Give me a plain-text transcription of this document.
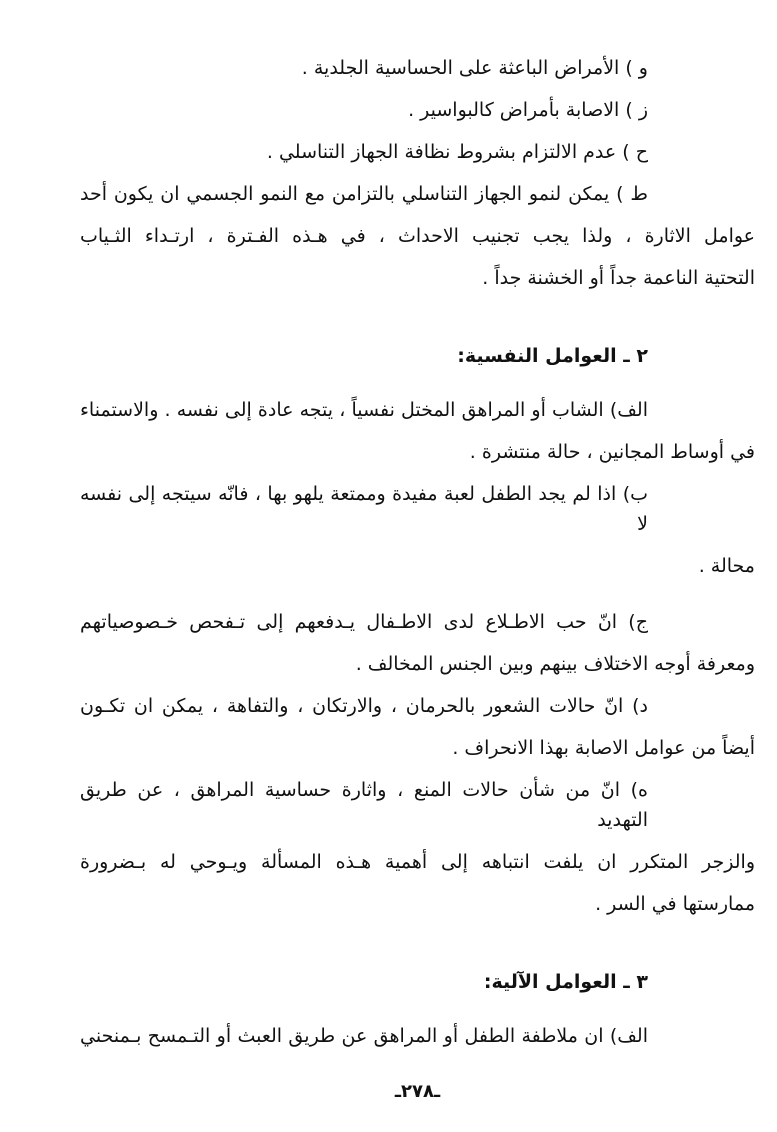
و ) الأمراض الباعثة على الحساسية الجلدية .
ز ) الاصابة بأمراض كالبواسير .
ح ) عدم الالتزام بشروط نظافة الجهاز التناسلي .
ط ) يمكن لنمو الجهاز التناسلي بالتزامن مع النمو الجسمي ان يكون أحد
عوامل الاثارة ، ولذا يجب تجنيب الاحداث ، في هـذه الفـترة ، ارتـداء الثـياب
التحتية الناعمة جداً أو الخشنة جداً .
٢ ـ العوامل النفسية:
الف) الشاب أو المراهق المختل نفسياً ، يتجه عادة إلى نفسه . والاستمناء
في أوساط المجانين ، حالة منتشرة .
ب) اذا لم يجد الطفل لعبة مفيدة وممتعة يلهو بها ، فانّه سيتجه إلى نفسه لا
محالة .
ج) انّ حب الاطـلاع لدى الاطـفال يـدفعهم إلى تـفحص خـصوصياتهم
ومعرفة أوجه الاختلاف بينهم وبين الجنس المخالف .
د) انّ حالات الشعور بالحرمان ، والارتكان ، والتفاهة ، يمكن ان تكـون
أيضاً من عوامل الاصابة بهذا الانحراف .
ه) انّ من شأن حالات المنع ، واثارة حساسية المراهق ، عن طريق التهديد
والزجر المتكرر ان يلفت انتباهه إلى أهمية هـذه المسألة ويـوحي له بـضرورة
ممارستها في السر .
٣ ـ العوامل الآلية:
الف) ان ملاطفة الطفل أو المراهق عن طريق العبث أو التـمسح بـمنحني
ـ٢٧٨ـ
